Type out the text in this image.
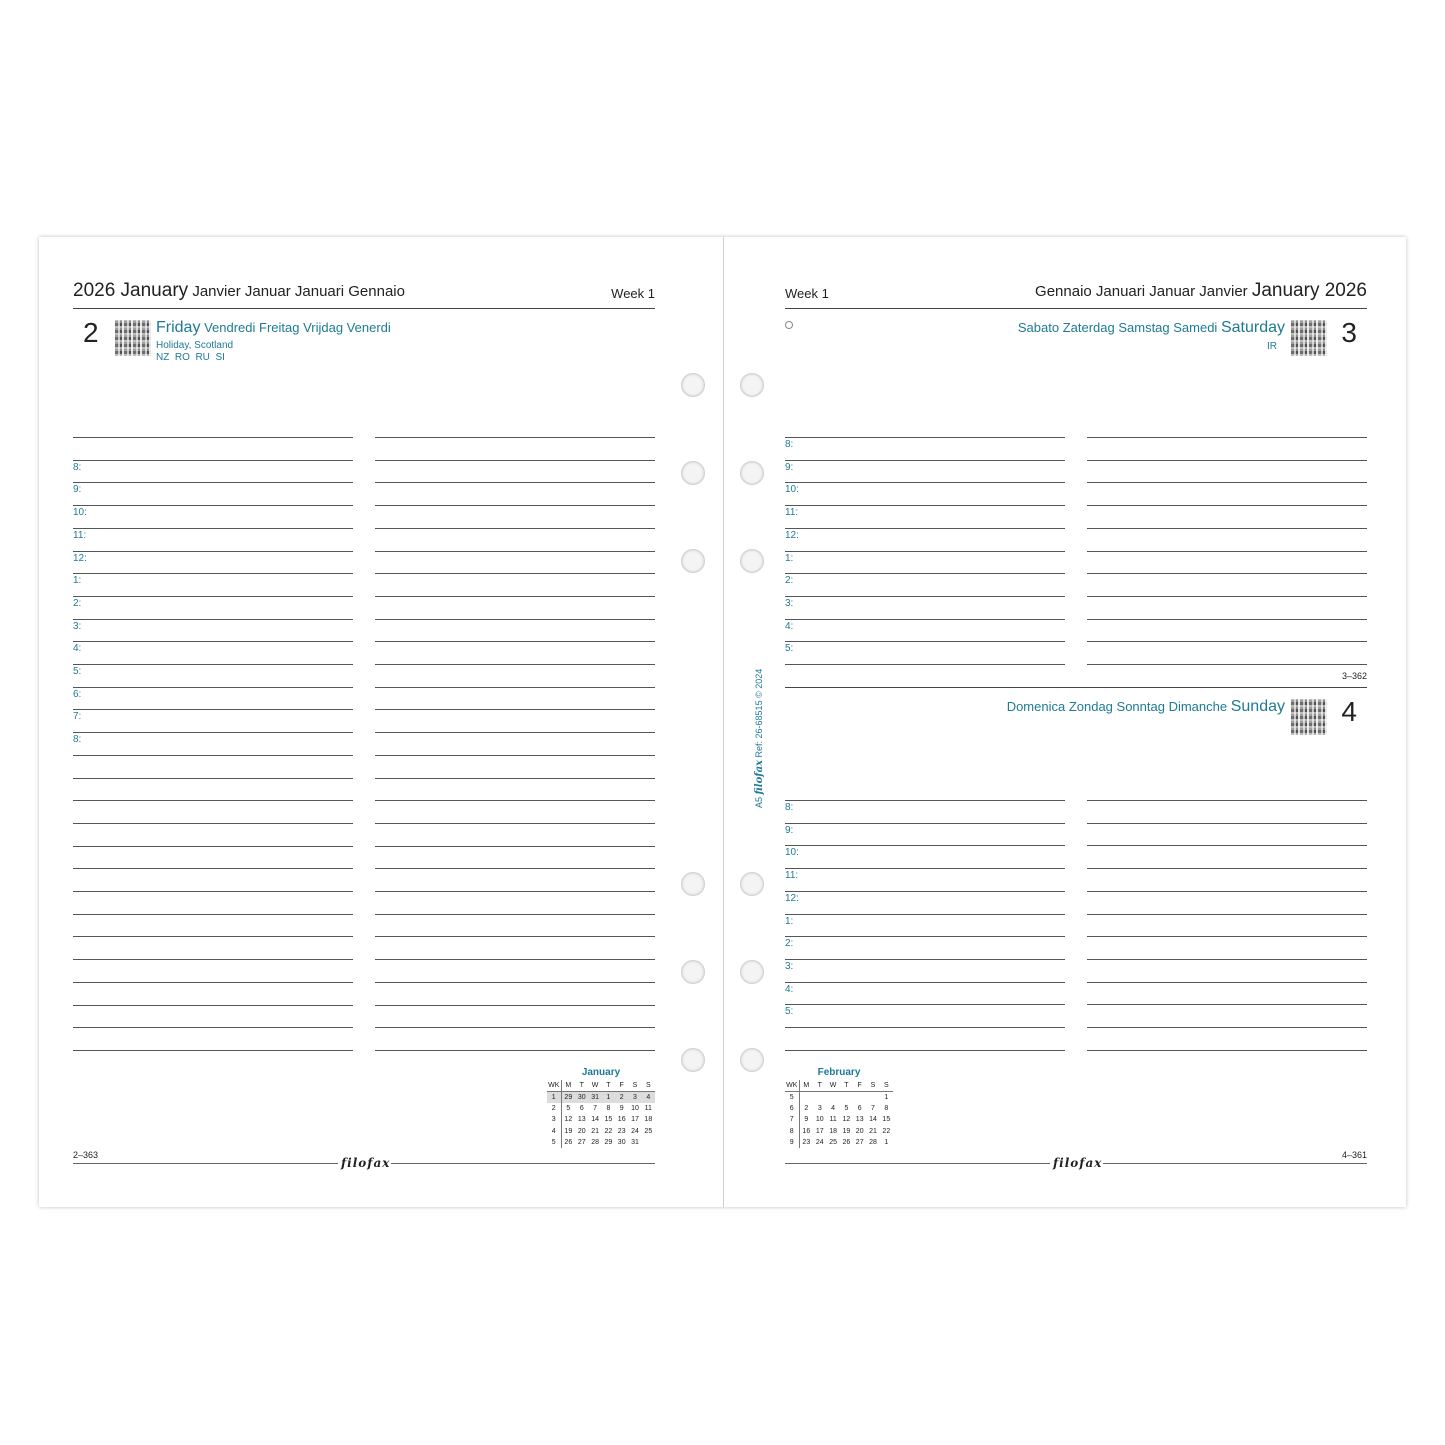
2026 January Janvier Januar Januari Gennaio	Week 1
2	Friday Vendredi Freitag Vrijdag Venerdi
Holiday, Scotland
NZ  RO  RU  SI
8:
9:
10:
11:
12:
1:
2:
3:
4:
5:
6:
7:
8:
January
WK	M	T	W	T	F	S	S
1	29	30	31	1	2	3	4
2	5	6	7	8	9	10	11
3	12	13	14	15	16	17	18
4	19	20	21	22	23	24	25
5	26	27	28	29	30	31	
2–363
filofax
Week 1	Gennaio Januari Januar Janvier January 2026
Sabato Zaterdag Samstag Samedi Saturday
IR 3
8:
9:
10:
11:
12:
1:
2:
3:
4:
5:
3–362
Domenica Zondag Sonntag Dimanche Sunday 4
8:
9:
10:
11:
12:
1:
2:
3:
4:
5:
February
WK	M	T	W	T	F	S	S
5							1
6	2	3	4	5	6	7	8
7	9	10	11	12	13	14	15
8	16	17	18	19	20	21	22
9	23	24	25	26	27	28	1
filofax
4–361
A5 filofax Ref: 26-68515 © 2024
